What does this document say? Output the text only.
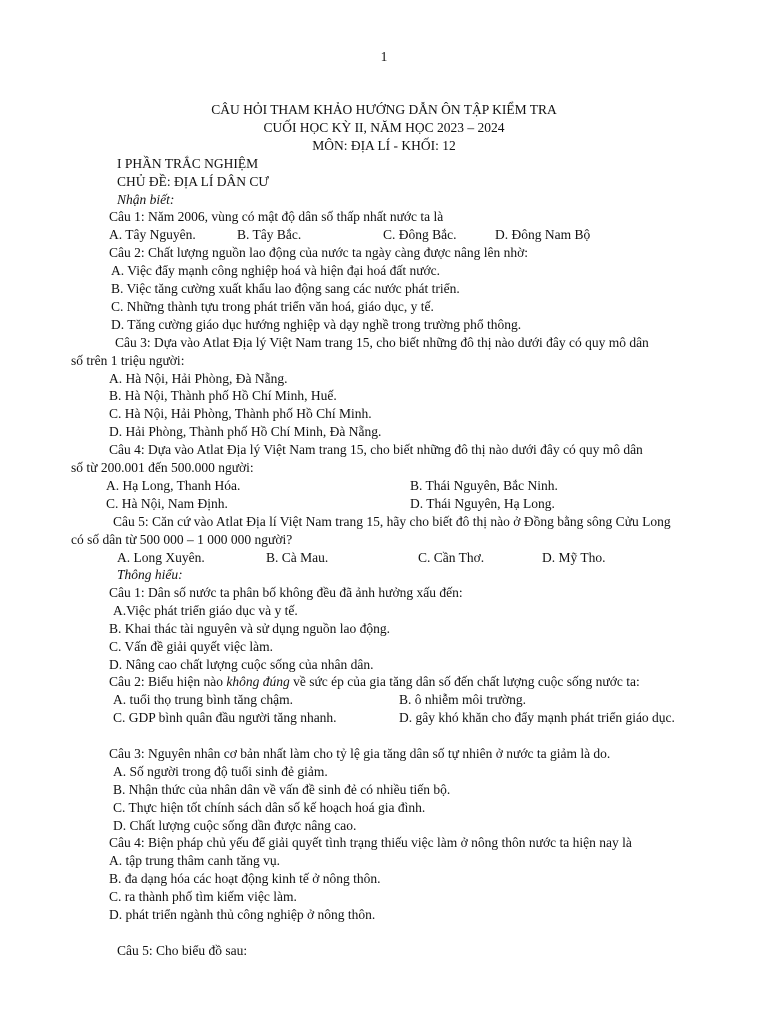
1
CÂU HỎI THAM KHẢO HƯỚNG DẪN ÔN TẬP KIỂM TRA
CUỐI HỌC KỲ II, NĂM HỌC 2023 – 2024
MÔN: ĐỊA LÍ - KHỐI: 12
I PHẦN TRẮC NGHIỆM
CHỦ ĐỀ: ĐỊA LÍ DÂN CƯ
Nhận biết:
Câu 1: Năm 2006, vùng có mật độ dân số thấp nhất nước ta là
A. Tây Nguyên.	B. Tây Bắc.	C. Đông Bắc.	D. Đông Nam Bộ
Câu 2: Chất lượng nguồn lao động của nước ta ngày càng được nâng lên nhờ:
A. Việc đẩy mạnh công nghiệp hoá và hiện đại hoá đất nước.
B. Việc tăng cường xuất khẩu lao động sang các nước phát triển.
C. Những thành tựu trong phát triển văn hoá, giáo dục, y tế.
D. Tăng cường giáo dục hướng nghiệp và dạy nghề trong trường phổ thông.
Câu 3: Dựa vào Atlat Địa lý Việt Nam trang 15, cho biết những đô thị nào dưới đây có quy mô dân
số trên 1 triệu người:
A. Hà Nội, Hải Phòng, Đà Nẵng.
B. Hà Nội, Thành phố Hồ Chí Minh, Huế.
C. Hà Nội, Hải Phòng, Thành phố Hồ Chí Minh.
D. Hải Phòng, Thành phố Hồ Chí Minh, Đà Nẵng.
Câu 4: Dựa vào Atlat Địa lý Việt Nam trang 15, cho biết những đô thị nào dưới đây có quy mô dân
số từ 200.001 đến 500.000 người:
A. Hạ Long, Thanh Hóa.	B. Thái Nguyên, Bắc Ninh.
C. Hà Nội, Nam Định.	D. Thái Nguyên, Hạ Long.
Câu 5: Căn cứ vào Atlat Địa lí Việt Nam trang 15, hãy cho biết đô thị nào ở Đồng bằng sông Cửu Long
có số dân từ 500 000 – 1 000 000 người?
A. Long Xuyên.	B. Cà Mau.	C. Cần Thơ.	D. Mỹ Tho.
Thông hiểu:
Câu 1: Dân số nước ta phân bố không đều đã ảnh hưởng xấu đến:
A.Việc phát triển giáo dục và y tế.
B. Khai thác tài nguyên và sử dụng nguồn lao động.
C. Vấn đề giải quyết việc làm.
D. Nâng cao chất lượng cuộc sống của nhân dân.
Câu 2: Biểu hiện nào không đúng về sức ép của gia tăng dân số đến chất lượng cuộc sống nước ta:
A. tuổi thọ trung bình tăng chậm.	B. ô nhiễm môi trường.
C. GDP bình quân đầu người tăng nhanh.	D. gây khó khăn cho đẩy mạnh phát triển giáo dục.
Câu 3: Nguyên nhân cơ bản nhất làm cho tỷ lệ gia tăng dân số tự nhiên ở nước ta giảm là do.
A. Số người trong độ tuổi sinh đẻ giảm.
B. Nhận thức của nhân dân về vấn đề sinh đẻ có nhiều tiến bộ.
C. Thực hiện tốt chính sách dân số kế hoạch hoá gia đình.
D. Chất lượng cuộc sống dần được nâng cao.
Câu 4: Biện pháp chủ yếu để giải quyết tình trạng thiếu việc làm ở nông thôn nước ta hiện nay là
A. tập trung thâm canh tăng vụ.
B. đa dạng hóa các hoạt động kinh tế ở nông thôn.
C. ra thành phố tìm kiếm việc làm.
D. phát triển ngành thủ công nghiệp ở nông thôn.
Câu 5: Cho biểu đồ sau:
